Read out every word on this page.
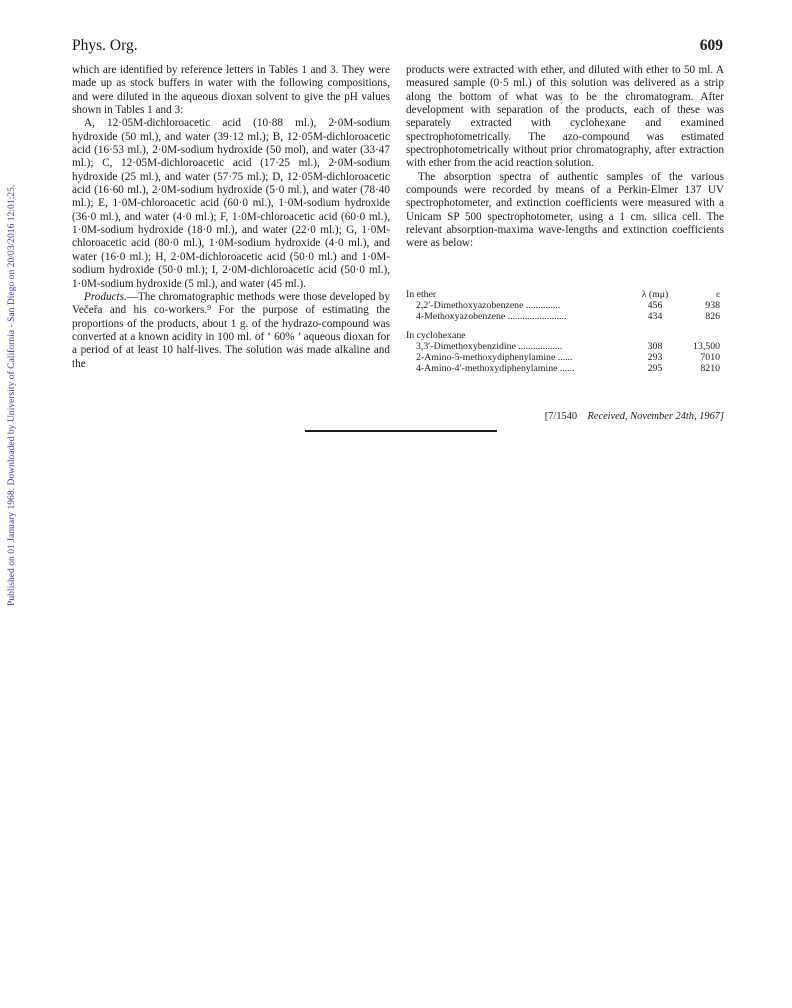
Phys. Org.	609
Published on 01 January 1968. Downloaded by University of California - San Diego on 20/03/2016 12:01:25.

which are identified by reference letters in Tables 1 and 3. They were made up as stock buffers in water with the following compositions, and were diluted in the aqueous dioxan solvent to give the pH values shown in Tables 1 and 3:

A, 12·05M-dichloroacetic acid (10·88 ml.), 2·0M-sodium hydroxide (50 ml.), and water (39·12 ml.); B, 12·05M-dichloroacetic acid (16·53 ml.), 2·0M-sodium hydroxide (50 mol), and water (33·47 ml.); C, 12·05M-dichloroacetic acid (17·25 ml.), 2·0M-sodium hydroxide (25 ml.), and water (57·75 ml.); D, 12·05M-dichloroacetic acid (16·60 ml.), 2·0M-sodium hydroxide (5·0 ml.), and water (78·40 ml.); E, 1·0M-chloroacetic acid (60·0 ml.), 1·0M-sodium hydroxide (36·0 ml.), and water (4·0 ml.); F, 1·0M-chloroacetic acid (60·0 ml.), 1·0M-sodium hydroxide (18·0 ml.), and water (22·0 ml.); G, 1·0M-chloroacetic acid (80·0 ml.), 1·0M-sodium hydroxide (4·0 ml.), and water (16·0 ml.); H, 2·0M-dichloroacetic acid (50·0 ml.) and 1·0M-sodium hydroxide (50·0 ml.); I, 2·0M-dichloroacetic acid (50·0 ml.), 1·0M-sodium hydroxide (5 ml.), and water (45 ml.).

Products.—The chromatographic methods were those developed by Večeřa and his co-workers.⁹ For the purpose of estimating the proportions of the products, about 1 g. of the hydrazo-compound was converted at a known acidity in 100 ml. of ‘ 60% ’ aqueous dioxan for a period of at least 10 half-lives. The solution was made alkaline and the

products were extracted with ether, and diluted with ether to 50 ml. A measured sample (0·5 ml.) of this solution was delivered as a strip along the bottom of what was to be the chromatogram. After development with separation of the products, each of these was separately extracted with cyclohexane and examined spectrophotometrically. The azo-compound was estimated spectrophotometrically without prior chromatography, after extraction with ether from the acid reaction solution.

The absorption spectra of authentic samples of the various compounds were recorded by means of a Perkin-Elmer 137 UV spectrophotometer, and extinction coefficients were measured with a Unicam SP 500 spectrophotometer, using a 1 cm. silica cell. The relevant absorption-maxima wave-lengths and extinction coefficients were as below:

In ether	λ (mμ)	ε
2,2′-Dimethoxyazobenzene ..............	456	938
4-Methoxyazobenzene ........................	434	826

In cyclohexane		
3,3′-Dimethoxybenzidine ..................	308	13,500
2-Amino-5-methoxydiphenylamine ......	293	7010
4-Amino-4′-methoxydiphenylamine ......	295	8210
[7/1540 Received, November 24th, 1967]
